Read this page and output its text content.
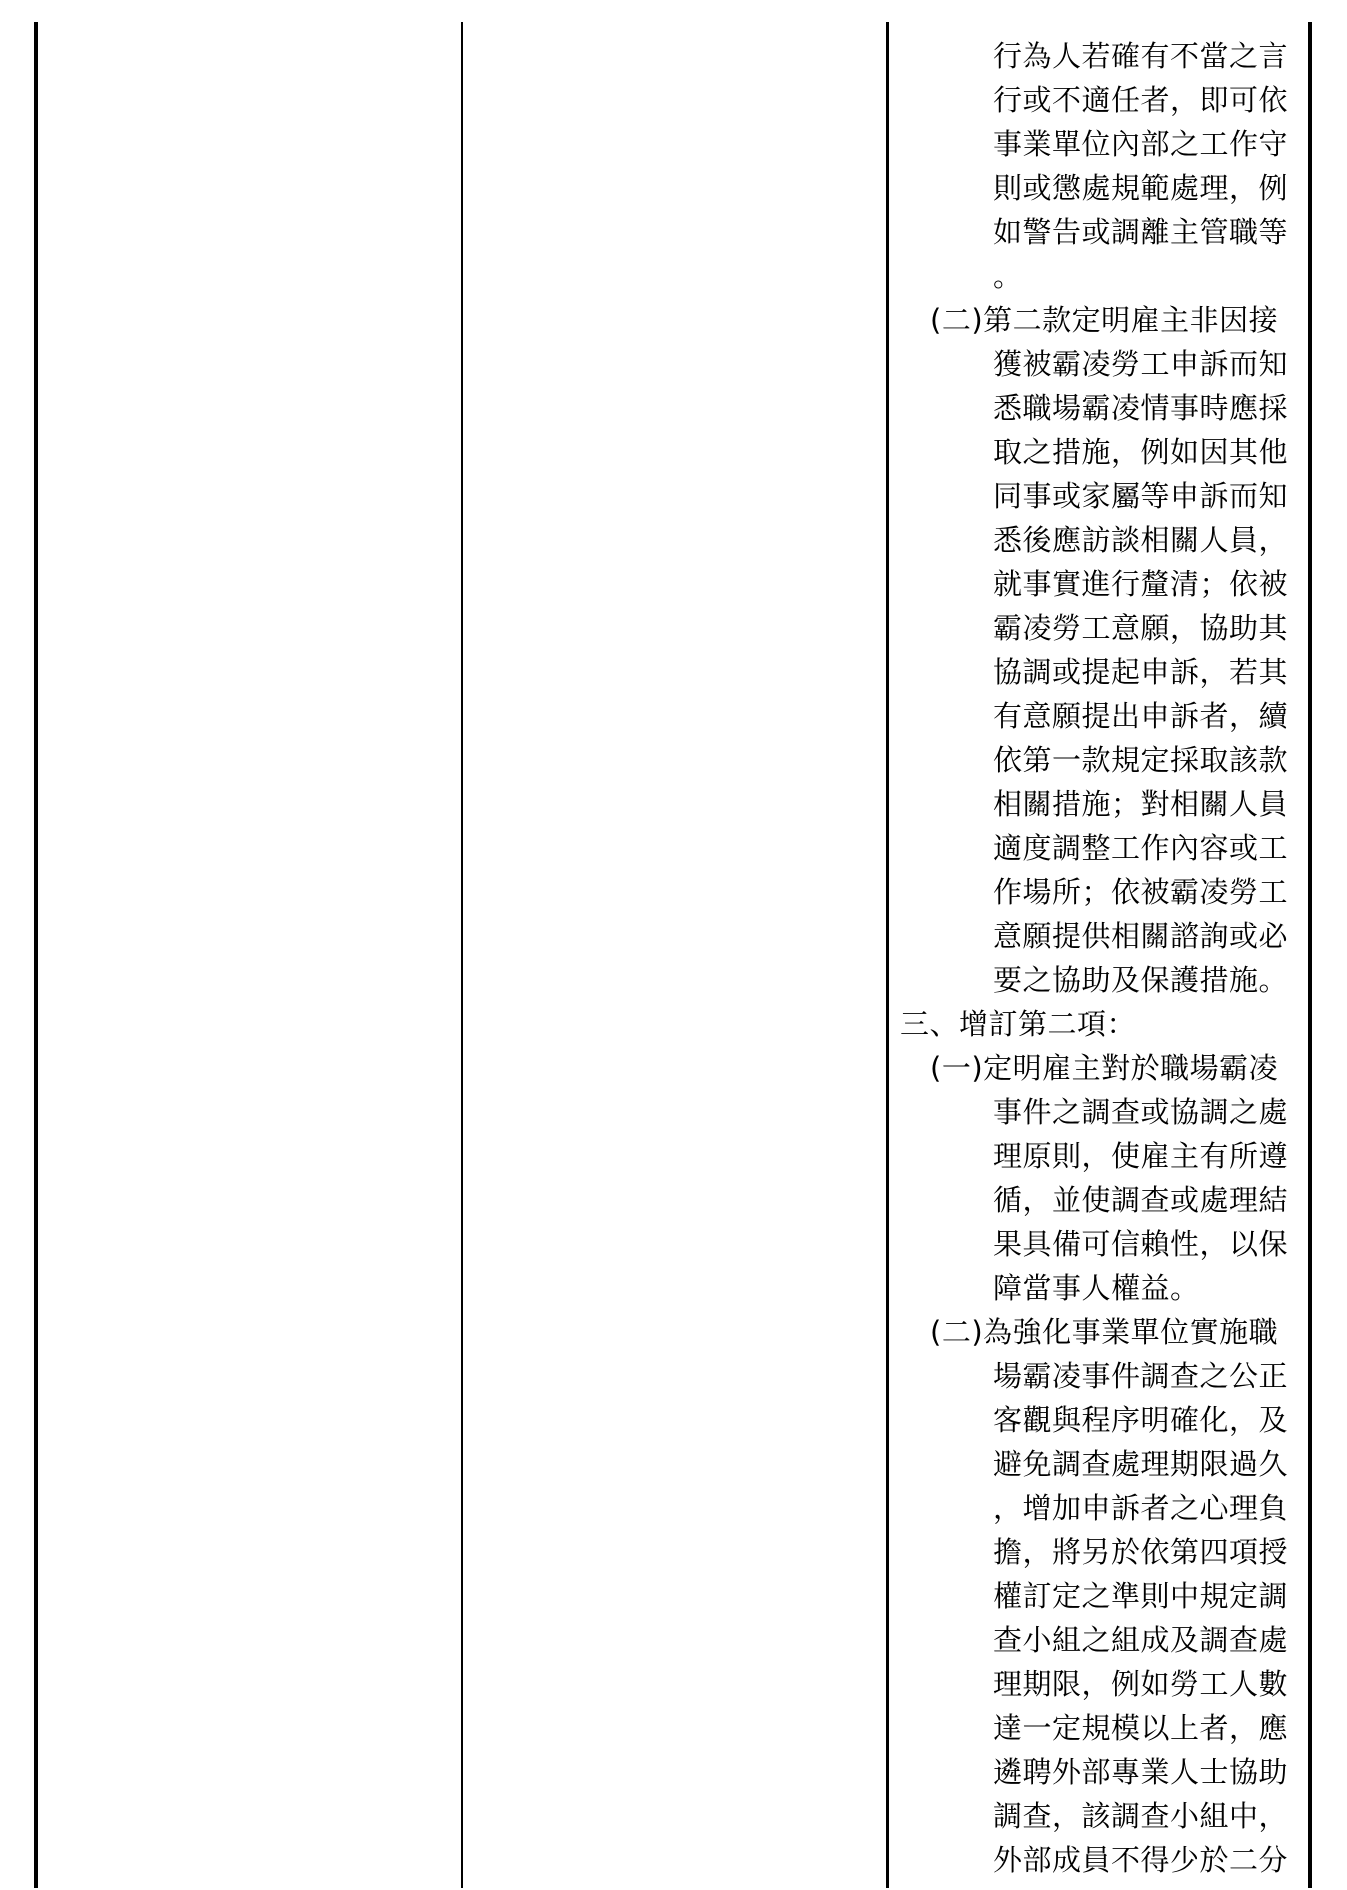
行為人若確有不當之言
行或不適任者，即可依
事業單位內部之工作守
則或懲處規範處理，例
如警告或調離主管職等
。
(二)第二款定明雇主非因接
獲被霸凌勞工申訴而知
悉職場霸凌情事時應採
取之措施，例如因其他
同事或家屬等申訴而知
悉後應訪談相關人員，
就事實進行釐清；依被
霸凌勞工意願，協助其
協調或提起申訴，若其
有意願提出申訴者，續
依第一款規定採取該款
相關措施；對相關人員
適度調整工作內容或工
作場所；依被霸凌勞工
意願提供相關諮詢或必
要之協助及保護措施。
三、增訂第二項：
(一)定明雇主對於職場霸凌
事件之調查或協調之處
理原則，使雇主有所遵
循，並使調查或處理結
果具備可信賴性，以保
障當事人權益。
(二)為強化事業單位實施職
場霸凌事件調查之公正
客觀與程序明確化，及
避免調查處理期限過久
，增加申訴者之心理負
擔，將另於依第四項授
權訂定之準則中規定調
查小組之組成及調查處
理期限，例如勞工人數
達一定規模以上者，應
遴聘外部專業人士協助
調查，該調查小組中，
外部成員不得少於二分
